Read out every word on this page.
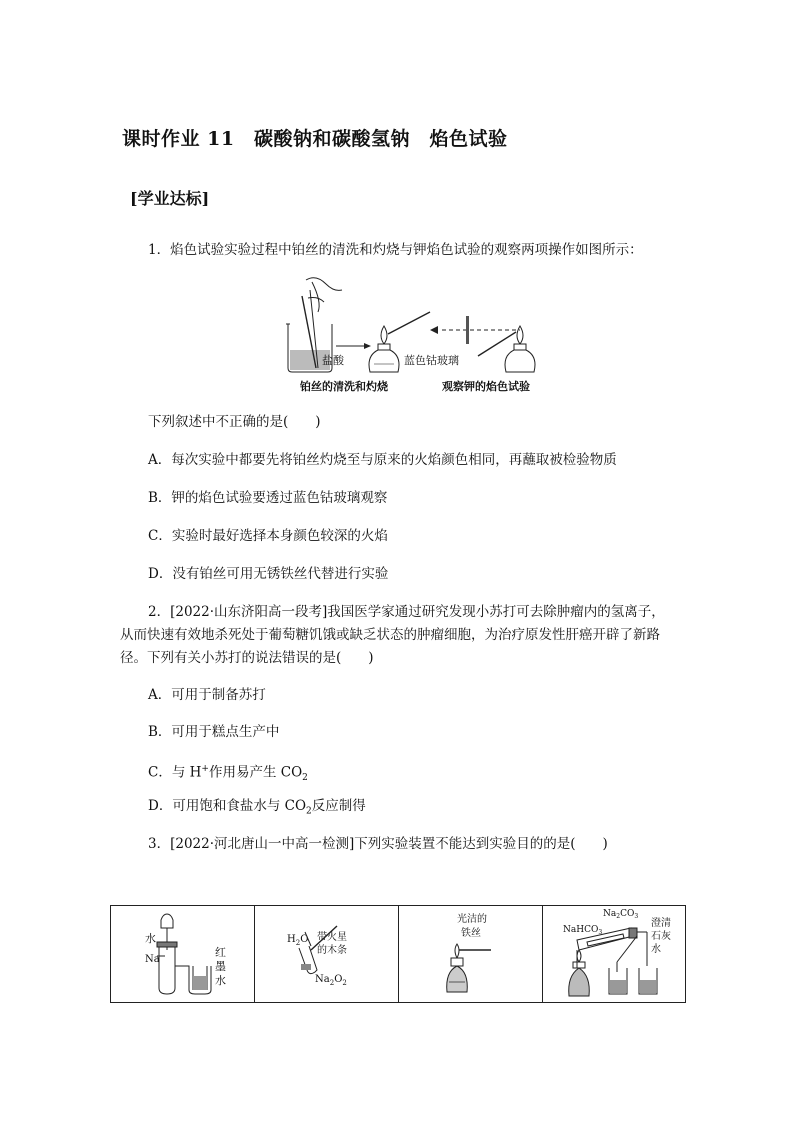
课时作业 11　碳酸钠和碳酸氢钠　焰色试验
[学业达标]
1．焰色试验实验过程中铂丝的清洗和灼烧与钾焰色试验的观察两项操作如图所示：
盐酸
铂丝的清洗和灼烧
蓝色钴玻璃
观察钾的焰色试验
下列叙述中不正确的是(　　)
A．每次实验中都要先将铂丝灼烧至与原来的火焰颜色相同，再蘸取被检验物质
B．钾的焰色试验要透过蓝色钴玻璃观察
C．实验时最好选择本身颜色较深的火焰
D．没有铂丝可用无锈铁丝代替进行实验
2．[2022·山东济阳高一段考]我国医学家通过研究发现小苏打可去除肿瘤内的氢离子，
从而快速有效地杀死处于葡萄糖饥饿或缺乏状态的肿瘤细胞，为治疗原发性肝癌开辟了新路
径。下列有关小苏打的说法错误的是(　　)
A．可用于制备苏打
B．可用于糕点生产中
C．与 H+作用易产生 $CO_2$
D．可用饱和食盐水与 $CO_2$反应制得
3．[2022·河北唐山一中高一检测]下列实验装置不能达到实验目的的是(　　)
水
Na
红
墨
水
$H_2O$ 带火星
的木条
$Na_2O_2$
光洁的
铁丝
$Na_2CO_3$
NaHCO$_3$
澄清
石灰
水
